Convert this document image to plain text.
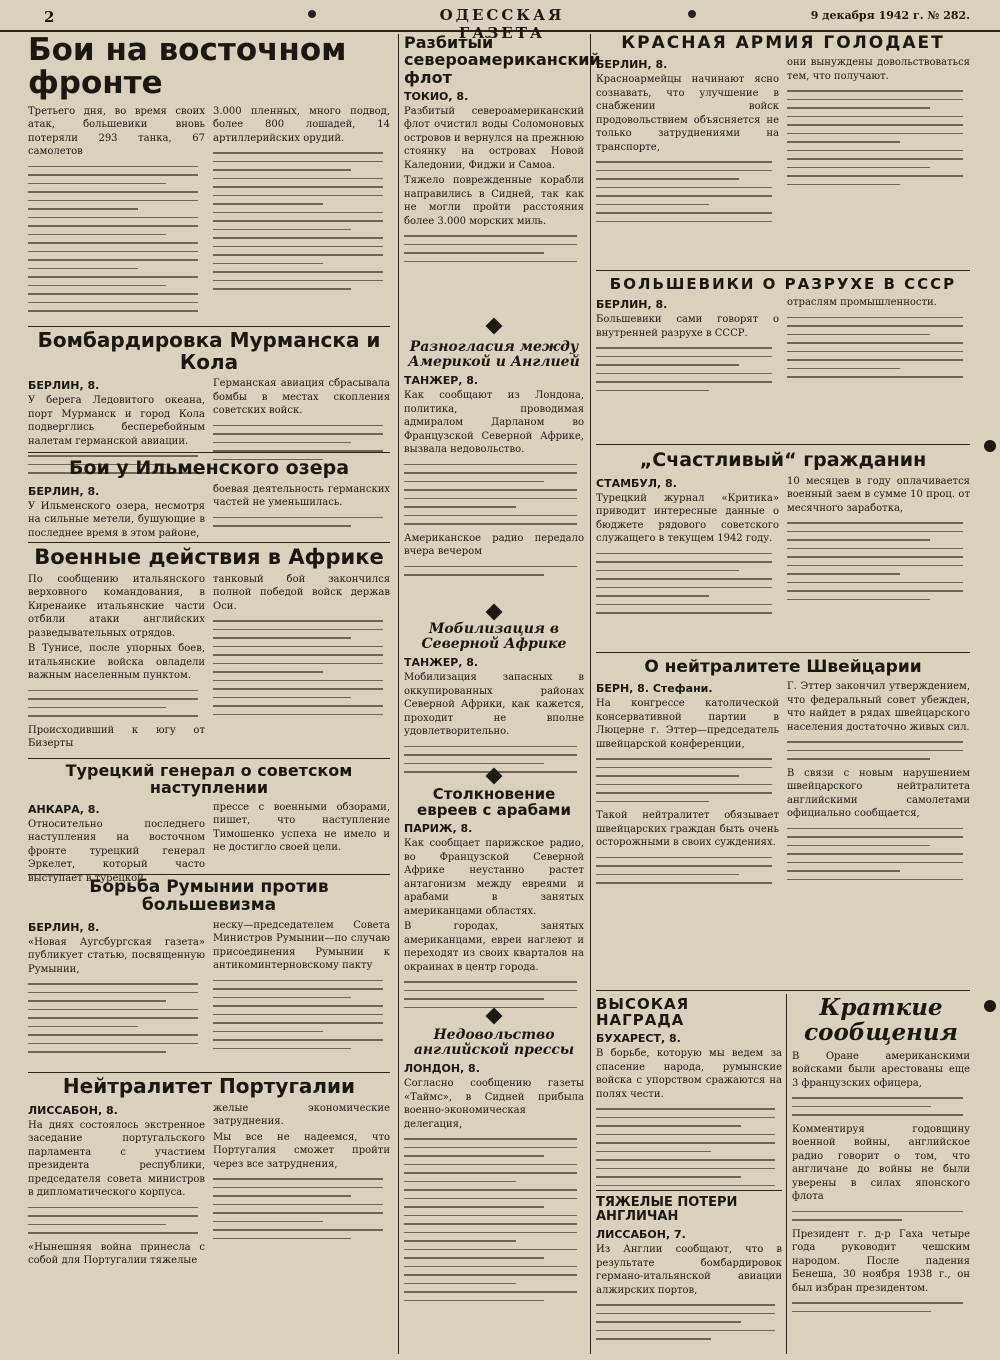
2	ОДЕССКАЯ ГАЗЕТА
9 декабря 1942 г. № 282.
Бои на восточном фронте

Третьего дня, во время своих атак, большевики вновь потеряли 293 танка, 67 самолетов

3.000 пленных, много подвод, более 800 лошадей, 14 артиллерийских орудий.

Бомбардировка Мурманска и Кола
БЕРЛИН, 8.

У берега Ледовитого океана, порт Мурманск и город Кола подверглись бесперебойным налетам германской авиации.

Германская авиация сбрасывала бомбы в местах скопления советских войск.

Бои у Ильменского озера
БЕРЛИН, 8.

У Ильменского озера, несмотря на сильные метели, бушующие в последнее время в этом районе,

боевая деятельность германских частей не уменьшилась.

Военные действия в Африке

По сообщению итальянского верховного командования, в Киренаике итальянские части отбили атаки английских разведывательных отрядов.

В Тунисе, после упорных боев, итальянские войска овладели важным населенным пунктом.

Происходивший к югу от Бизерты

танковый бой закончился полной победой войск держав Оси.

Турецкий генерал о советском наступлении
АНКАРА, 8.

Относительно последнего наступления на восточном фронте турецкий генерал Эркелет, который часто выступает в турецкой

прессе с военными обзорами, пишет, что наступление Тимошенко успеха не имело и не достигло своей цели.

Борьба Румынии против большевизма
БЕРЛИН, 8.

«Новая Аугсбургская газета» публикует статью, посвященную Румынии,

неску—председателем Совета Министров Румынии—по случаю присоединения Румынии к антикоминтерновскому пакту

Нейтралитет Португалии
ЛИССАБОН, 8.

На днях состоялось экстренное заседание португальского парламента с участием президента республики, председателя совета министров в дипломатического корпуса.

«Нынешняя война принесла с собой для Португалии тяжелые

желые экономические затруднения.

Мы все не надеемся, что Португалия сможет пройти через все затруднения,

Разбитый североамериканский флот
ТОКИО, 8.

Разбитый североамериканский флот очистил воды Соломоновых островов и вернулся на прежнюю стоянку на островах Новой Каледонии, Фиджи и Самоа.

Тяжело поврежденные корабли направились в Сидней, так как не могли пройти расстояния более 3.000 морских миль.

Разногласия между Америкой и Англией
ТАНЖЕР, 8.

Как сообщают из Лондона, политика, проводимая адмиралом Дарланом во Французской Северной Африке, вызвала недовольство.

Американское радио передало вчера вечером

Мобилизация в Северной Африке
ТАНЖЕР, 8.

Мобилизация запасных в оккупированных районах Северной Африки, как кажется, проходит не вполне удовлетворительно.

Столкновение евреев с арабами
ПАРИЖ, 8.

Как сообщает парижское радио, во Французской Северной Африке неустанно растет антагонизм между евреями и арабами в занятых американцами областях.

В городах, занятых американцами, евреи наглеют и переходят из своих кварталов на окраинах в центр города.

Недовольство английской прессы
ЛОНДОН, 8.

Согласно сообщению газеты «Таймс», в Сидней прибыла военно-экономическая делегация,

КРАСНАЯ АРМИЯ ГОЛОДАЕТ
БЕРЛИН, 8.

Красноармейцы начинают ясно сознавать, что улучшение в снабжении войск продовольствием объясняется не только затруднениями на транспорте,

они вынуждены довольствоваться тем, что получают.

БОЛЬШЕВИКИ О РАЗРУХЕ В СССР
БЕРЛИН, 8.

Большевики сами говорят о внутренней разрухе в СССР.

отраслям промышленности.

„Счастливый“ гражданин
СТАМБУЛ, 8.

Турецкий журнал «Критика» приводит интересные данные о бюджете рядового советского служащего в текущем 1942 году.

10 месяцев в году оплачивается военный заем в сумме 10 проц. от месячного заработка,

О нейтралитете Швейцарии
БЕРН, 8. Стефани.

На конгрессе католической консервативной партии в Люцерне г. Эттер—председатель швейцарской конференции,

Такой нейтралитет обязывает швейцарских граждан быть очень осторожными в своих суждениях.

Г. Эттер закончил утверждением, что федеральный совет убежден, что найдет в рядах швейцарского населения достаточно живых сил.

В связи с новым нарушением швейцарского нейтралитета английскими самолетами официально сообщается,

ВЫСОКАЯ НАГРАДА
БУХАРЕСТ, 8.

В борьбе, которую мы ведем за спасение народа, румынские войска с упорством сражаются на полях чести.

ТЯЖЕЛЫЕ ПОТЕРИ АНГЛИЧАН
ЛИССАБОН, 7.

Из Англии сообщают, что в результате бомбардировок германо-итальянской авиации алжирских портов,

Краткие сообщения

В Оране американскими войсками были арестованы еще 3 французских офицера,

Комментируя годовщину военной войны, английское радио говорит о том, что англичане до войны не были уверены в силах японского флота

Президент г. д-р Гаха четыре года руководит чешским народом. После падения Бенеша, 30 ноября 1938 г., он был избран президентом.
